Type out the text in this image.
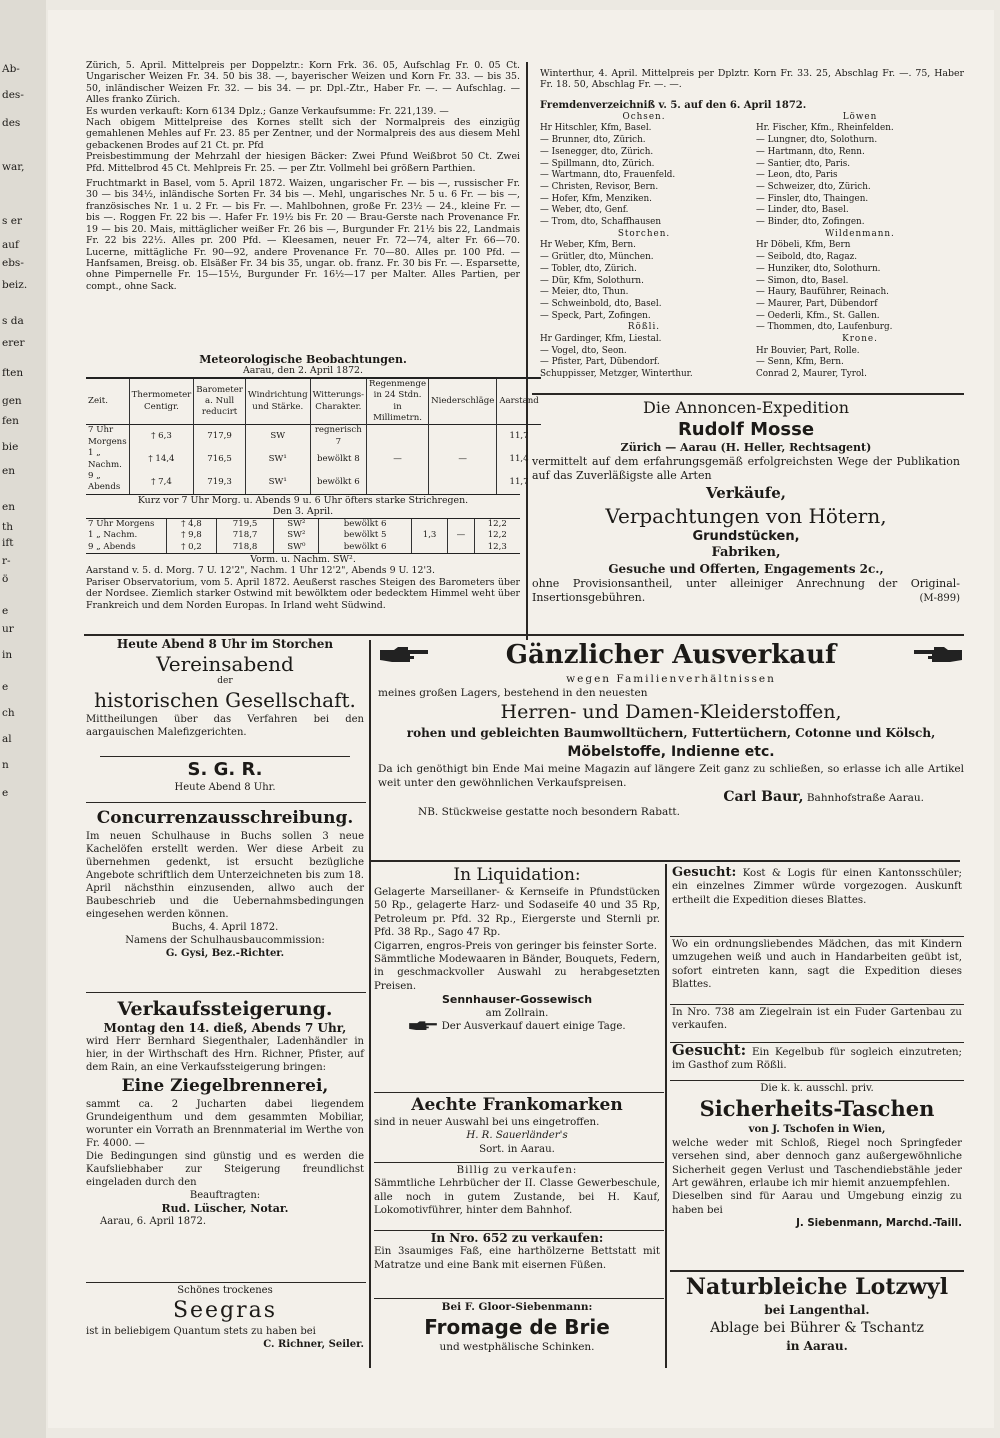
Ab-
des-
des
war,
s er
auf
ebs-
beiz.
s da
erer
ften
gen
fen
bie
en
en
th
ift
r-
ö
e
ur
in
e
ch
al
n
e

Zürich, 5. April. Mittelpreis per Doppelztr.: Korn Frk. 36. 05, Aufschlag Fr. 0. 05 Ct. Ungarischer Weizen Fr. 34. 50 bis 38. —, bayerischer Weizen und Korn Fr. 33. — bis 35. 50, inländischer Weizen Fr. 32. — bis 34. — pr. Dpl.-Ztr., Haber Fr. —. — Aufschlag. — Alles franko Zürich.

Es wurden verkauft: Korn 6134 Dplz.; Ganze Verkaufsumme: Fr. 221,139. —

Nach obigem Mittelpreise des Kornes stellt sich der Normalpreis des einzigüg gemahlenen Mehles auf Fr. 23. 85 per Zentner, und der Normalpreis des aus diesem Mehl gebackenen Brodes auf 21 Ct. pr. Pfd

Preisbestimmung der Mehrzahl der hiesigen Bäcker: Zwei Pfund Weißbrot 50 Ct. Zwei Pfd. Mittelbrod 45 Ct. Mehlpreis Fr. 25. — per Ztr. Vollmehl bei größern Parthien.

Fruchtmarkt in Basel, vom 5. April 1872. Waizen, ungarischer Fr. — bis —, russischer Fr. 30 — bis 34½, inländische Sorten Fr. 34 bis —. Mehl, ungarisches Nr. 5 u. 6 Fr. — bis —, französisches Nr. 1 u. 2 Fr. — bis Fr. —. Mahlbohnen, große Fr. 23½ — 24., kleine Fr. — bis —. Roggen Fr. 22 bis —. Hafer Fr. 19½ bis Fr. 20 — Brau-Gerste nach Provenance Fr. 19 — bis 20. Mais, mittäglicher weißer Fr. 26 bis —, Burgunder Fr. 21½ bis 22, Landmais Fr. 22 bis 22½. Alles pr. 200 Pfd. — Kleesamen, neuer Fr. 72—74, alter Fr. 66—70. Lucerne, mittägliche Fr. 90—92, andere Provenance Fr. 70—80. Alles pr. 100 Pfd. — Hanfsamen, Breisg. ob. Elsäßer Fr. 34 bis 35, ungar. ob. franz. Fr. 30 bis Fr. —. Esparsette, ohne Pimpernelle Fr. 15—15½, Burgunder Fr. 16½—17 per Malter. Alles Partien, per compt., ohne Sack.

Meteorologische Beobachtungen.
Aarau, den 2. April 1872.
Zeit.	Thermometer Centigr.	Barometer a. Null reducirt	Windrichtung und Stärke.	Witterungs-Charakter.	Regenmenge in 24 Stdn. in Millimetrn.	Niederschläge	Aarstand
7 Uhr Morgens	† 6,3	717,9	SW	regnerisch 7			11,7
1 „ Nachm.	† 14,4	716,5	SW¹	bewölkt 8	—	—	11,4
9 „ Abends	† 7,4	719,3	SW¹	bewölkt 6			11,7
Kurz vor 7 Uhr Morg. u. Abends 9 u. 6 Uhr öfters starke Strichregen.
Den 3. April.
7 Uhr Morgens	† 4,8	719,5	SW²	bewölkt 6			12,2
1 „ Nachm.	† 9,8	718,7	SW²	bewölkt 5	1,3	—	12,2
9 „ Abends	† 0,2	718,8	SW⁰	bewölkt 6			12,3
Vorm. u. Nachm. SW².

Aarstand v. 5. d. Morg. 7 U. 12'2", Nachm. 1 Uhr 12'2", Abends 9 U. 12'3.

Pariser Observatorium, vom 5. April 1872. Aeußerst rasches Steigen des Barometers über der Nordsee. Ziemlich starker Ostwind mit bewölktem oder bedecktem Himmel weht über Frankreich und dem Norden Europas. In Irland weht Südwind.

Winterthur, 4. April. Mittelpreis per Dplztr. Korn Fr. 33. 25, Abschlag Fr. —. 75, Haber Fr. 18. 50, Abschlag Fr. —. —.

Fremdenverzeichniß v. 5. auf den 6. April 1872.
Ochsen.
Hr Hitschler, Kfm, Basel.
— Brunner, dto, Zürich.
— Isenegger, dto, Zürich.
— Spillmann, dto, Zürich.
— Wartmann, dto, Frauenfeld.
— Christen, Revisor, Bern.
— Hofer, Kfm, Menziken.
— Weber, dto, Genf.
— Trom, dto, Schaffhausen
Storchen.
Hr Weber, Kfm, Bern.
— Grütler, dto, München.
— Tobler, dto, Zürich.
— Dür, Kfm, Solothurn.
— Meier, dto, Thun.
— Schweinbold, dto, Basel.
— Speck, Part, Zofingen.
Rößli.
Hr Gardinger, Kfm, Liestal.
— Vogel, dto, Seon.
— Pfister, Part, Dübendorf.
Schuppisser, Metzger, Winterthur.
Löwen
Hr. Fischer, Kfm., Rheinfelden.
— Lungner, dto, Solothurn.
— Hartmann, dto, Renn.
— Santier, dto, Paris.
— Leon, dto, Paris
— Schweizer, dto, Zürich.
— Finsler, dto, Thaingen.
— Linder, dto, Basel.
— Binder, dto, Zofingen.
Wildenmann.
Hr Döbeli, Kfm, Bern
— Seibold, dto, Ragaz.
— Hunziker, dto, Solothurn.
— Simon, dto, Basel.
— Haury, Bauführer, Reinach.
— Maurer, Part, Dübendorf
— Oederli, Kfm., St. Gallen.
— Thommen, dto, Laufenburg.
Krone.
Hr Bouvier, Part, Rolle.
— Senn, Kfm, Bern.
Conrad 2, Maurer, Tyrol.
Die Annoncen-Expedition
Rudolf Mosse
Zürich — Aarau (H. Heller, Rechtsagent)

vermittelt auf dem erfahrungsgemäß erfolgreichsten Wege der Publikation auf das Zuverläßigste alle Arten

Verkäufe,
Verpachtungen von Hötern,
Grundstücken,
Fabriken,
Gesuche und Offerten, Engagements 2c.,

ohne Provisionsantheil, unter alleiniger Anrechnung der Original-Insertionsgebühren.	(M-899)
Heute Abend 8 Uhr im Storchen
Vereinsabend
der
historischen Gesellschaft.

Mittheilungen über das Verfahren bei den aargauischen Malefizgerichten.

S. G. R.
Heute Abend 8 Uhr.
Concurrenzausschreibung.

Im neuen Schulhause in Buchs sollen 3 neue Kachelöfen erstellt werden. Wer diese Arbeit zu übernehmen gedenkt, ist ersucht bezügliche Angebote schriftlich dem Unterzeichneten bis zum 18. April nächsthin einzusenden, allwo auch der Baubeschrieb und die Uebernahmsbedingungen eingesehen werden können.

Buchs, 4. April 1872.
Namens der Schulhausbaucommission:
G. Gysi, Bez.-Richter.
Verkaufssteigerung.
Montag den 14. dieß, Abends 7 Uhr,

wird Herr Bernhard Siegenthaler, Ladenhändler in hier, in der Wirthschaft des Hrn. Richner, Pfister, auf dem Rain, an eine Verkaufssteigerung bringen:

Eine Ziegelbrennerei,

sammt ca. 2 Jucharten dabei liegendem Grundeigenthum und dem gesammten Mobiliar, worunter ein Vorrath an Brennmaterial im Werthe von Fr. 4000. —

Die Bedingungen sind günstig und es werden die Kaufsliebhaber zur Steigerung freundlichst eingeladen durch den

Beauftragten:
Rud. Lüscher, Notar.
Aarau, 6. April 1872.
Schönes trockenes
Seegras

ist in beliebigem Quantum stets zu haben bei

C. Richner, Seiler.
Gänzlicher Ausverkauf
wegen Familienverhältnissen
meines großen Lagers, bestehend in den neuesten
Herren- und Damen-Kleiderstoffen,
rohen und gebleichten Baumwolltüchern, Futtertüchern, Cotonne und Kölsch,
Möbelstoffe, Indienne etc.

Da ich genöthigt bin Ende Mai meine Magazin auf längere Zeit ganz zu schließen, so erlasse ich alle Artikel weit unter den gewöhnlichen Verkaufspreisen.

Carl Baur, Bahnhofstraße Aarau.
NB. Stückweise gestatte noch besondern Rabatt.
In Liquidation:

Gelagerte Marseillaner- & Kernseife in Pfundstücken 50 Rp., gelagerte Harz- und Sodaseife 40 und 35 Rp, Petroleum pr. Pfd. 32 Rp., Eiergerste und Sternli pr. Pfd. 38 Rp., Sago 47 Rp.

Cigarren, engros-Preis von geringer bis feinster Sorte.

Sämmtliche Modewaaren in Bänder, Bouquets, Federn, in geschmackvoller Auswahl zu herabgesetzten Preisen.

Sennhauser-Gossewisch
am Zollrain.
Der Ausverkauf dauert einige Tage.
Aechte Frankomarken

sind in neuer Auswahl bei uns eingetroffen.

H. R. Sauerländer's
Sort. in Aarau.
Billig zu verkaufen:

Sämmtliche Lehrbücher der II. Classe Gewerbeschule, alle noch in gutem Zustande, bei H. Kauf, Lokomotivführer, hinter dem Bahnhof.

In Nro. 652 zu verkaufen:

Ein 3saumiges Faß, eine harthölzerne Bettstatt mit Matratze und eine Bank mit eisernen Füßen.

Bei F. Gloor-Siebenmann:
Fromage de Brie
und westphälische Schinken.

Gesucht: Kost & Logis für einen Kantonsschüler; ein einzelnes Zimmer würde vorgezogen. Auskunft ertheilt die Expedition dieses Blattes.

Wo ein ordnungsliebendes Mädchen, das mit Kindern umzugehen weiß und auch in Handarbeiten geübt ist, sofort eintreten kann, sagt die Expedition dieses Blattes.

In Nro. 738 am Ziegelrain ist ein Fuder Gartenbau zu verkaufen.

Gesucht: Ein Kegelbub für sogleich einzutreten; im Gasthof zum Rößli.

Die k. k. ausschl. priv.
Sicherheits-Taschen
von J. Tschofen in Wien,

welche weder mit Schloß, Riegel noch Springfeder versehen sind, aber dennoch ganz außergewöhnliche Sicherheit gegen Verlust und Taschendiebstähle jeder Art gewähren, erlaube ich mir hiemit anzuempfehlen.

Dieselben sind für Aarau und Umgebung einzig zu haben bei

J. Siebenmann, Marchd.-Taill.
Naturbleiche Lotzwyl
bei Langenthal.
Ablage bei Bührer & Tschantz
in Aarau.
